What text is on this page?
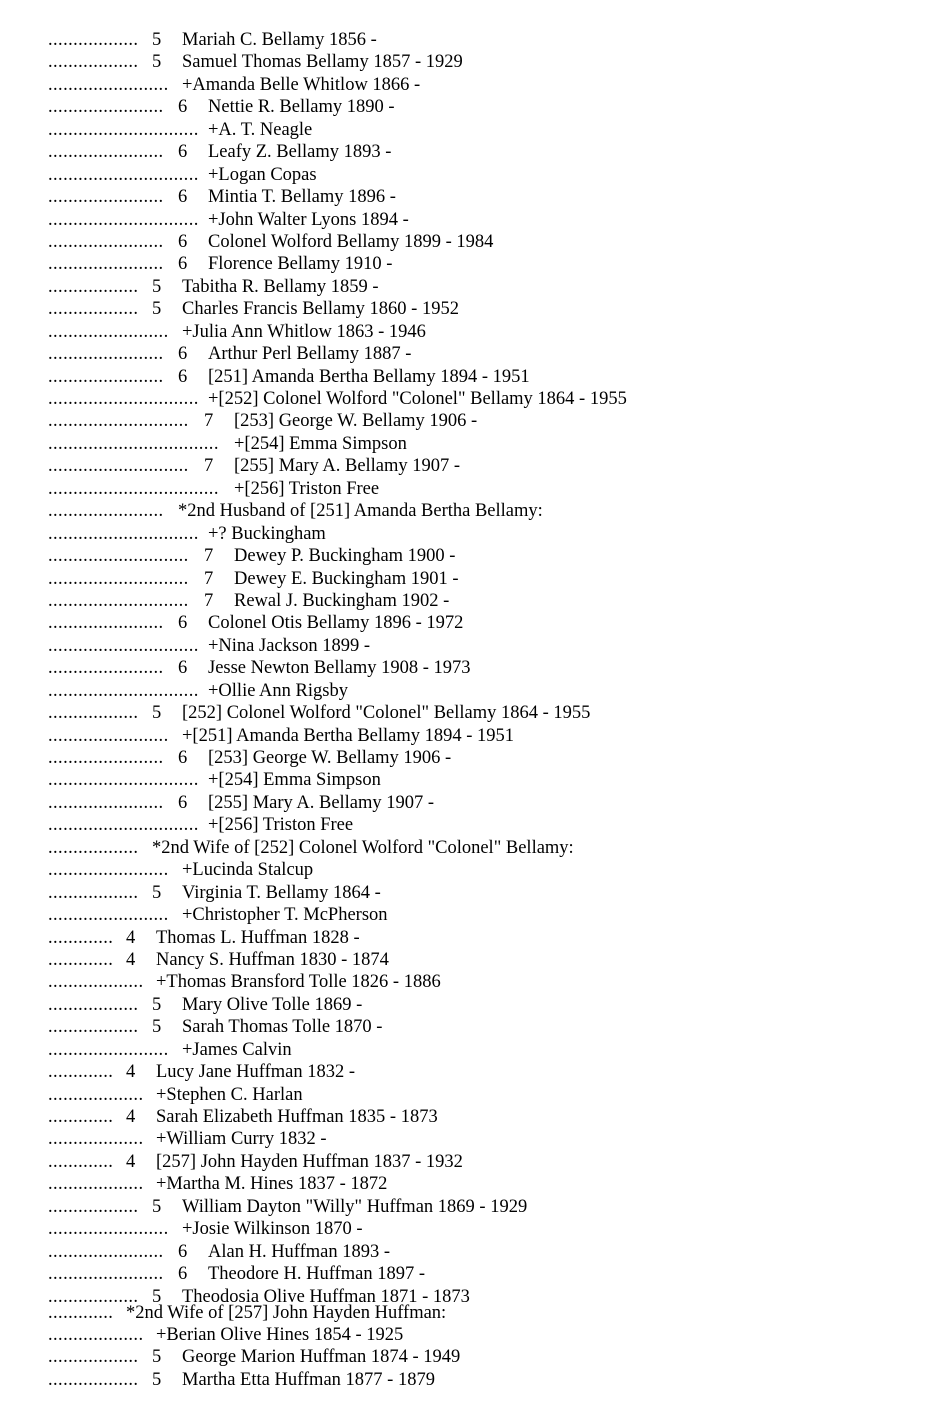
.................. 5 Mariah C. Bellamy 1856 -
.................. 5 Samuel Thomas Bellamy 1857 - 1929
........................ +Amanda Belle Whitlow 1866 -
....................... 6 Nettie R. Bellamy 1890 -
.............................. +A. T. Neagle
....................... 6 Leafy Z. Bellamy 1893 -
.............................. +Logan Copas
....................... 6 Mintia T. Bellamy 1896 -
.............................. +John Walter Lyons 1894 -
....................... 6 Colonel Wolford Bellamy 1899 - 1984
....................... 6 Florence Bellamy 1910 -
.................. 5 Tabitha R. Bellamy 1859 -
.................. 5 Charles Francis Bellamy 1860 - 1952
........................ +Julia Ann Whitlow 1863 - 1946
....................... 6 Arthur Perl Bellamy 1887 -
....................... 6 [251] Amanda Bertha Bellamy 1894 - 1951
.............................. +[252] Colonel Wolford "Colonel" Bellamy 1864 - 1955
............................ 7 [253] George W. Bellamy 1906 -
.................................. +[254] Emma Simpson
............................ 7 [255] Mary A. Bellamy 1907 -
.................................. +[256] Triston Free
....................... *2nd Husband of [251] Amanda Bertha Bellamy:
.............................. +? Buckingham
............................ 7 Dewey P. Buckingham 1900 -
............................ 7 Dewey E. Buckingham 1901 -
............................ 7 Rewal J. Buckingham 1902 -
....................... 6 Colonel Otis Bellamy 1896 - 1972
.............................. +Nina Jackson 1899 -
....................... 6 Jesse Newton Bellamy 1908 - 1973
.............................. +Ollie Ann Rigsby
.................. 5 [252] Colonel Wolford "Colonel" Bellamy 1864 - 1955
........................ +[251] Amanda Bertha Bellamy 1894 - 1951
....................... 6 [253] George W. Bellamy 1906 -
.............................. +[254] Emma Simpson
....................... 6 [255] Mary A. Bellamy 1907 -
.............................. +[256] Triston Free
.................. *2nd Wife of [252] Colonel Wolford "Colonel" Bellamy:
........................ +Lucinda Stalcup
.................. 5 Virginia T. Bellamy 1864 -
........................ +Christopher T. McPherson
............. 4 Thomas L. Huffman 1828 -
............. 4 Nancy S. Huffman 1830 - 1874
................... +Thomas Bransford Tolle 1826 - 1886
.................. 5 Mary Olive Tolle 1869 -
.................. 5 Sarah Thomas Tolle 1870 -
........................ +James Calvin
............. 4 Lucy Jane Huffman 1832 -
................... +Stephen C. Harlan
............. 4 Sarah Elizabeth Huffman 1835 - 1873
................... +William Curry 1832 -
............. 4 [257] John Hayden Huffman 1837 - 1932
................... +Martha M. Hines 1837 - 1872
.................. 5 William Dayton "Willy" Huffman 1869 - 1929
........................ +Josie Wilkinson 1870 -
....................... 6 Alan H. Huffman 1893 -
....................... 6 Theodore H. Huffman 1897 -
.................. 5 Theodosia Olive Huffman 1871 - 1873
............. *2nd Wife of [257] John Hayden Huffman:
................... +Berian Olive Hines 1854 - 1925
.................. 5 George Marion Huffman 1874 - 1949
.................. 5 Martha Etta Huffman 1877 - 1879
